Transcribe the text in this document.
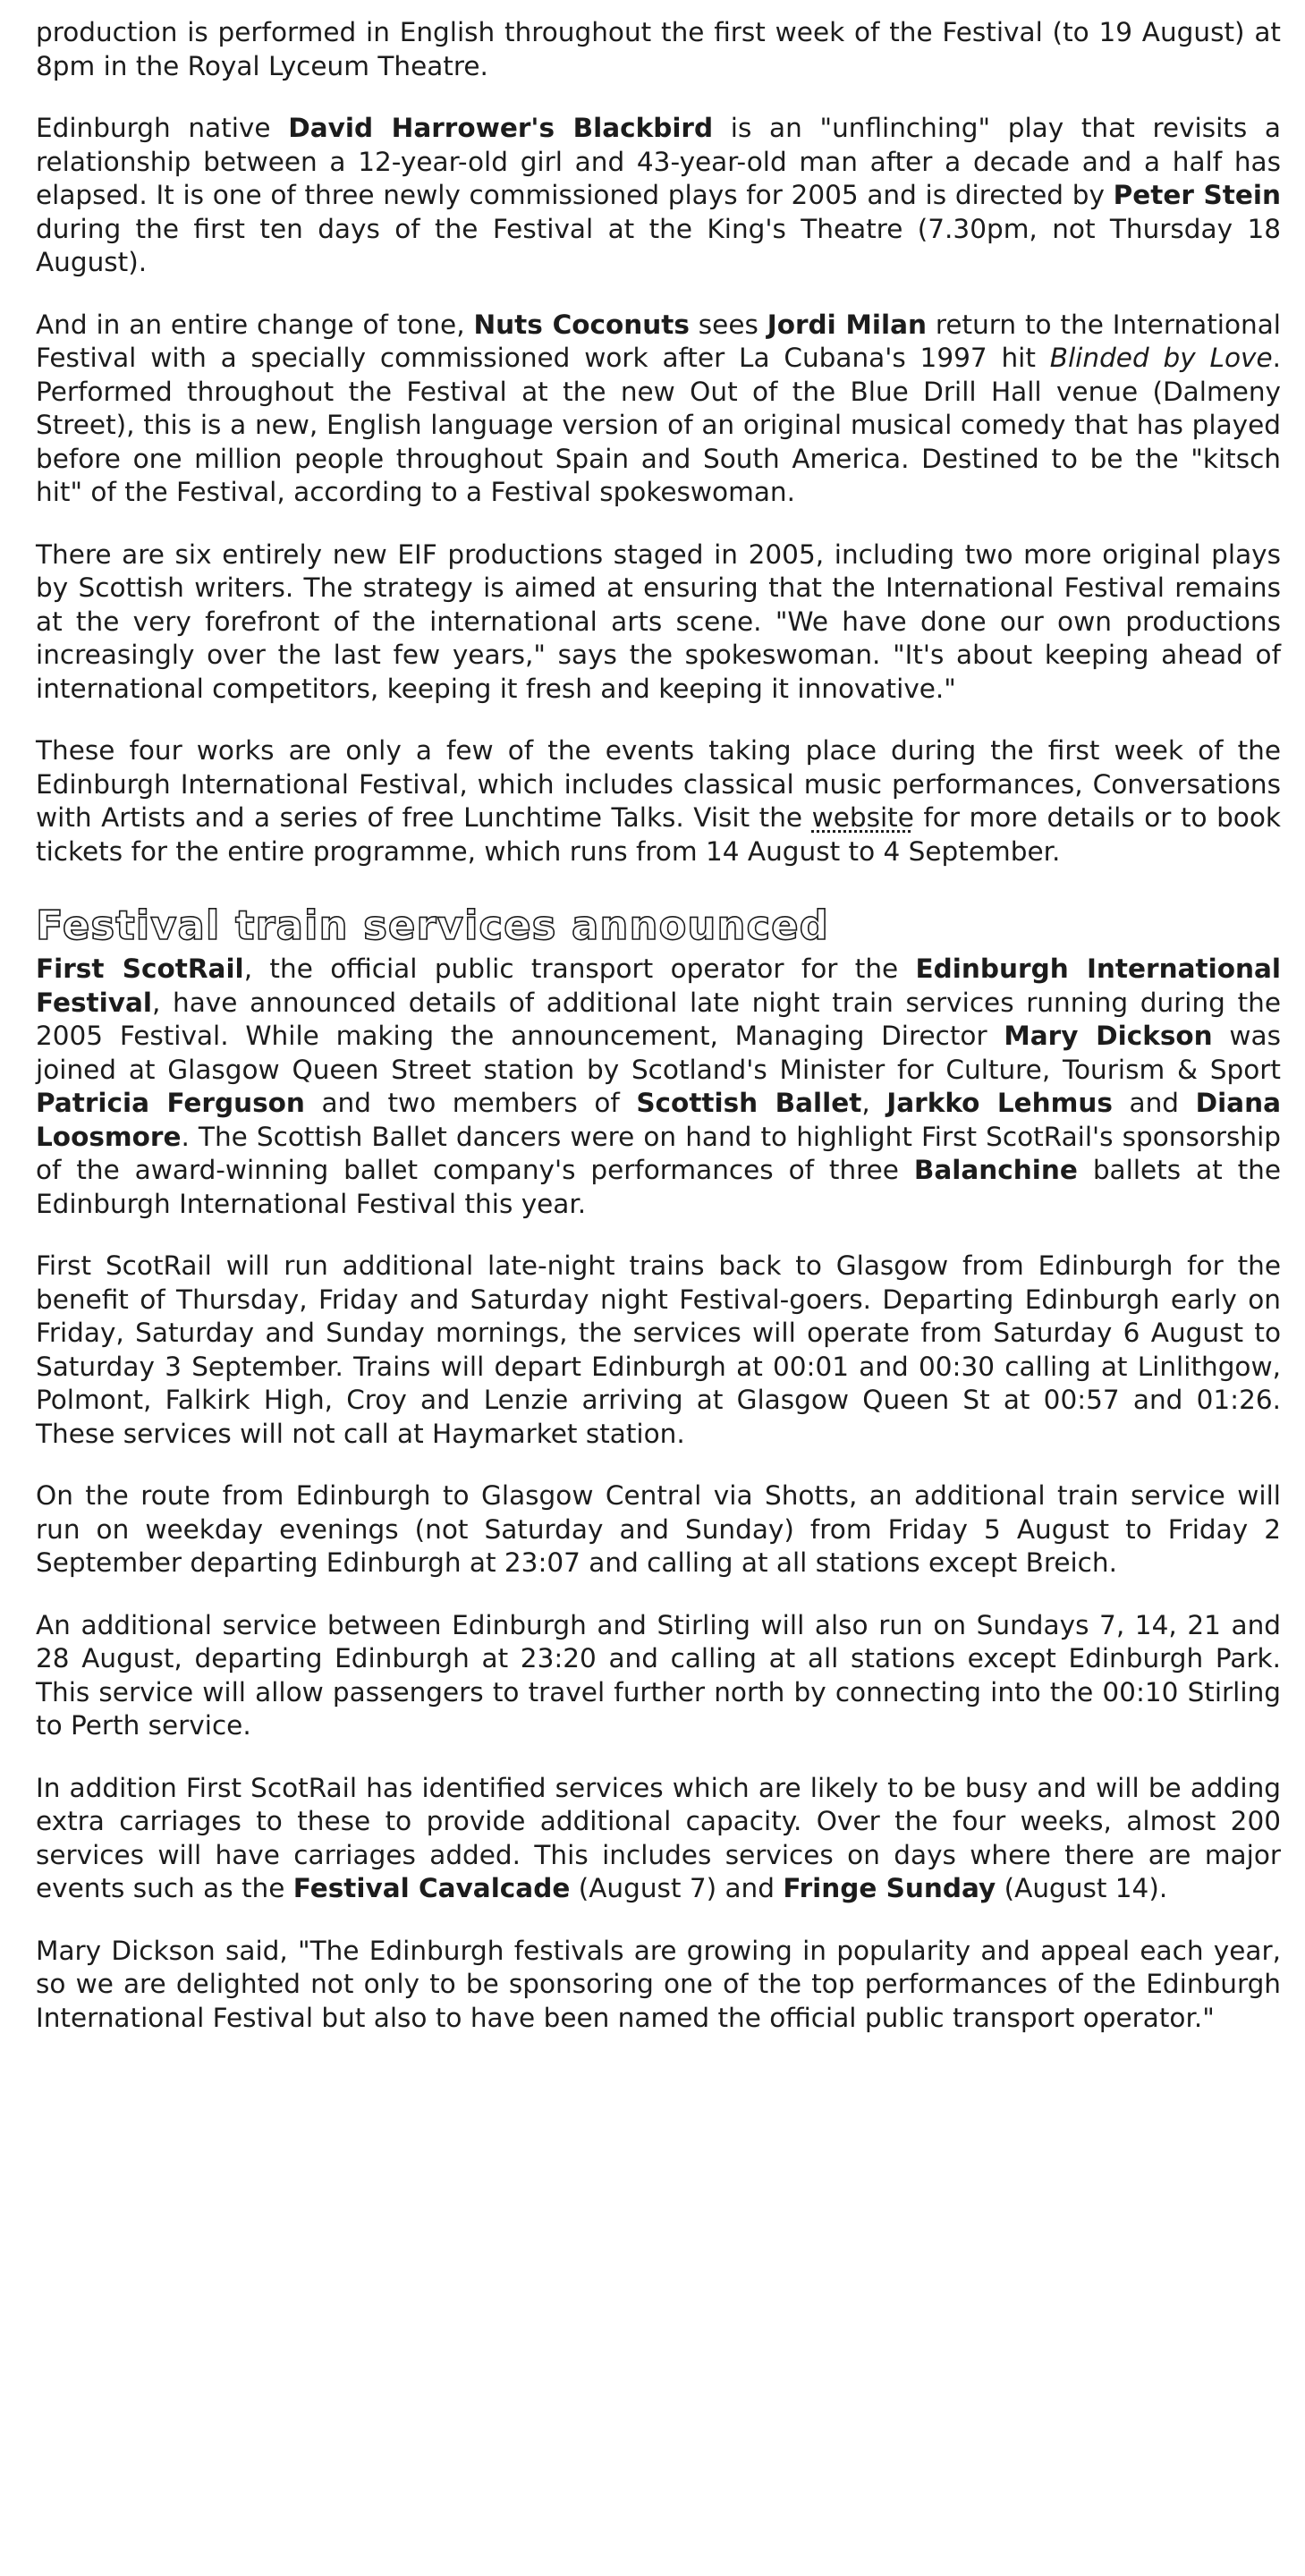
production is performed in English throughout the first week of the Festival (to 19 August) at 8pm in the Royal Lyceum Theatre.

Edinburgh native David Harrower's Blackbird is an "unflinching" play that revisits a relationship between a 12-year-old girl and 43-year-old man after a decade and a half has elapsed. It is one of three newly commissioned plays for 2005 and is directed by Peter Stein during the first ten days of the Festival at the King's Theatre (7.30pm, not Thursday 18 August).

And in an entire change of tone, Nuts Coconuts sees Jordi Milan return to the International Festival with a specially commissioned work after La Cubana's 1997 hit Blinded by Love. Performed throughout the Festival at the new Out of the Blue Drill Hall venue (Dalmeny Street), this is a new, English language version of an original musical comedy that has played before one million people throughout Spain and South America. Destined to be the "kitsch hit" of the Festival, according to a Festival spokeswoman.

There are six entirely new EIF productions staged in 2005, including two more original plays by Scottish writers. The strategy is aimed at ensuring that the International Festival remains at the very forefront of the international arts scene. "We have done our own productions increasingly over the last few years," says the spokeswoman. "It's about keeping ahead of international competitors, keeping it fresh and keeping it innovative."

These four works are only a few of the events taking place during the first week of the Edinburgh International Festival, which includes classical music performances, Conversations with Artists and a series of free Lunchtime Talks. Visit the website for more details or to book tickets for the entire programme, which runs from 14 August to 4 September.

Festival train services announced

First ScotRail, the official public transport operator for the Edinburgh International Festival, have announced details of additional late night train services running during the 2005 Festival. While making the announcement, Managing Director Mary Dickson was joined at Glasgow Queen Street station by Scotland's Minister for Culture, Tourism & Sport Patricia Ferguson and two members of Scottish Ballet, Jarkko Lehmus and Diana Loosmore. The Scottish Ballet dancers were on hand to highlight First ScotRail's sponsorship of the award-winning ballet company's performances of three Balanchine ballets at the Edinburgh International Festival this year.

First ScotRail will run additional late-night trains back to Glasgow from Edinburgh for the benefit of Thursday, Friday and Saturday night Festival-goers. Departing Edinburgh early on Friday, Saturday and Sunday mornings, the services will operate from Saturday 6 August to Saturday 3 September. Trains will depart Edinburgh at 00:01 and 00:30 calling at Linlithgow, Polmont, Falkirk High, Croy and Lenzie arriving at Glasgow Queen St at 00:57 and 01:26. These services will not call at Haymarket station.

On the route from Edinburgh to Glasgow Central via Shotts, an additional train service will run on weekday evenings (not Saturday and Sunday) from Friday 5 August to Friday 2 September departing Edinburgh at 23:07 and calling at all stations except Breich.

An additional service between Edinburgh and Stirling will also run on Sundays 7, 14, 21 and 28 August, departing Edinburgh at 23:20 and calling at all stations except Edinburgh Park. This service will allow passengers to travel further north by connecting into the 00:10 Stirling to Perth service.

In addition First ScotRail has identified services which are likely to be busy and will be adding extra carriages to these to provide additional capacity. Over the four weeks, almost 200 services will have carriages added. This includes services on days where there are major events such as the Festival Cavalcade (August 7) and Fringe Sunday (August 14).

Mary Dickson said, "The Edinburgh festivals are growing in popularity and appeal each year, so we are delighted not only to be sponsoring one of the top performances of the Edinburgh International Festival but also to have been named the official public transport operator."
